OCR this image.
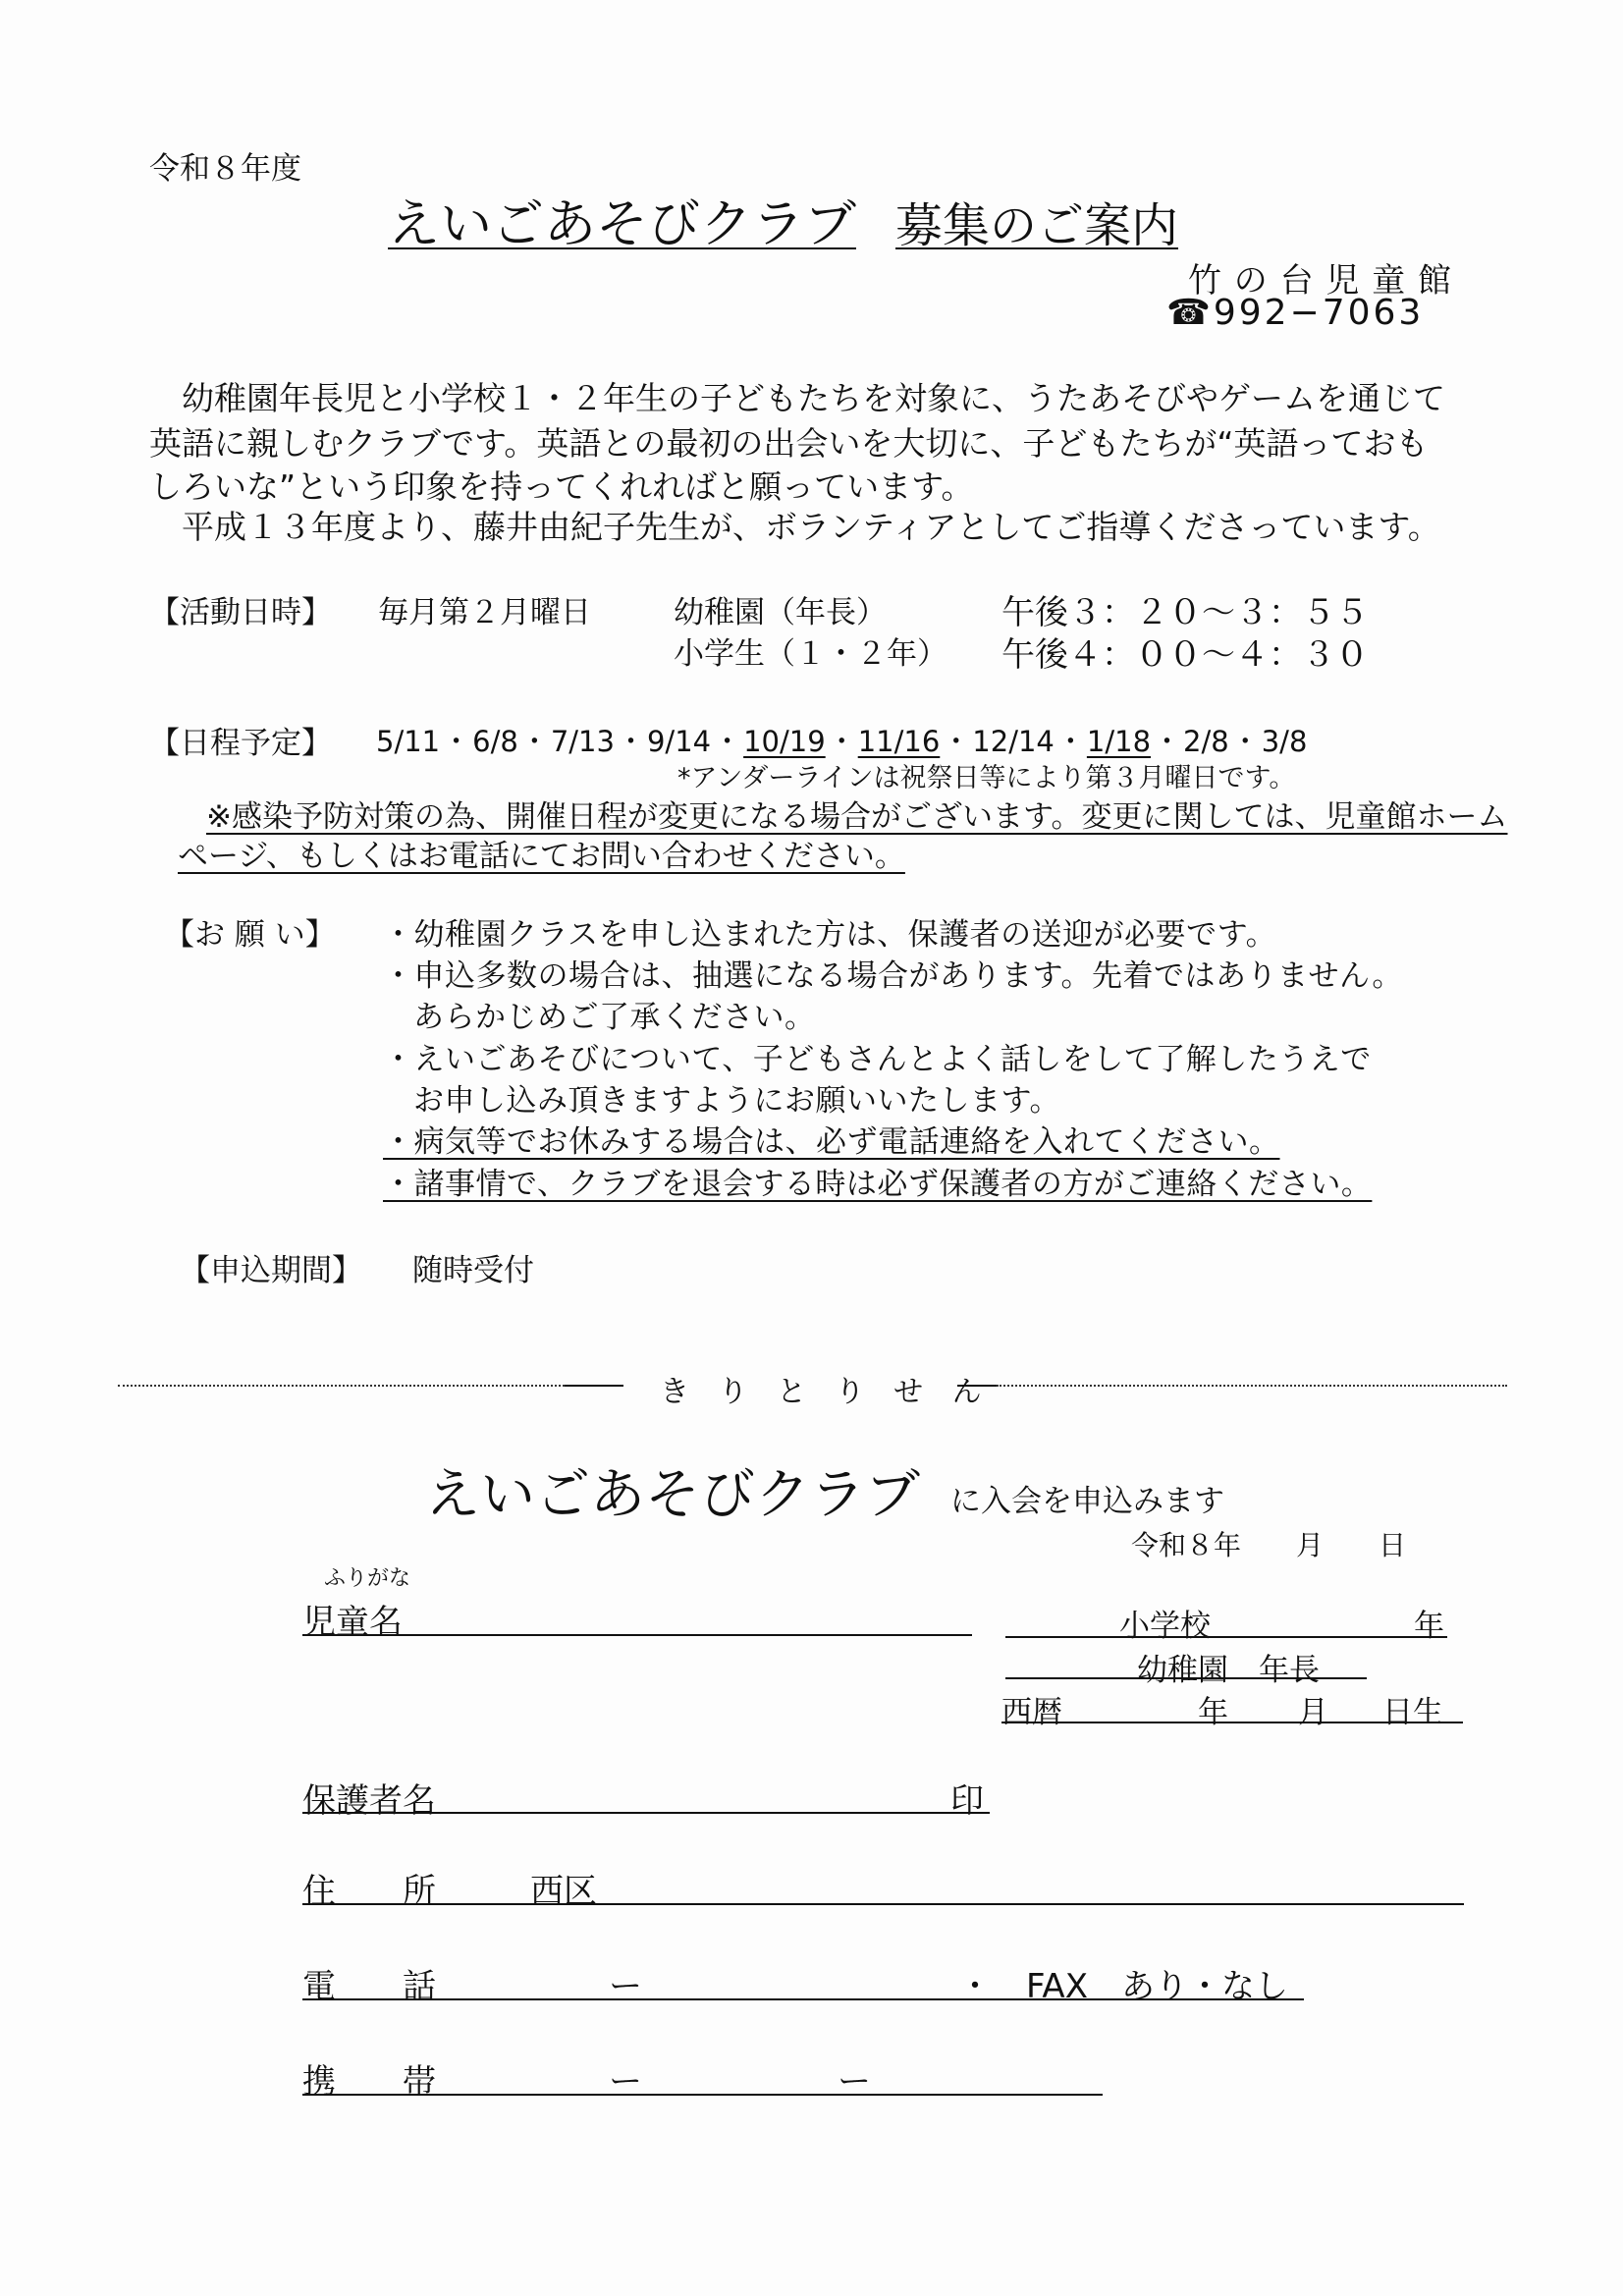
令和８年度
えいごあそびクラブ 募集のご案内
竹 の 台 児 童 館
☎992−7063
幼稚園年長児と小学校１・２年生の子どもたちを対象に、うたあそびやゲームを通じて
英語に親しむクラブです。英語との最初の出会いを大切に、子どもたちが“英語っておも
しろいな”という印象を持ってくれればと願っています。
平成１３年度より、藤井由紀子先生が、ボランティアとしてご指導くださっています。
【活動日時】 毎月第２月曜日	幼稚園（年長）	午後３：２０～３：５５
小学生（１・２年） 午後４：００～４：３０
【日程予定】 5/11・6/8・7/13・9/14・10/19・11/16・12/14・1/18・2/8・3/8
*アンダーラインは祝祭日等により第３月曜日です。
※感染予防対策の為、開催日程が変更になる場合がございます。変更に関しては、児童館ホーム
ページ、もしくはお電話にてお問い合わせください。
【お 願 い】 ・幼稚園クラスを申し込まれた方は、保護者の送迎が必要です。
・申込多数の場合は、抽選になる場合があります。先着ではありません。
あらかじめご了承ください。
・えいごあそびについて、子どもさんとよく話しをして了解したうえで
お申し込み頂きますようにお願いいたします。
・病気等でお休みする場合は、必ず電話連絡を入れてください。
・諸事情で、クラブを退会する時は必ず保護者の方がご連絡ください。
【申込期間】 随時受付
き り と り せ ん
えいごあそびクラブ に入会を申込みます
令和８年　　月　　日
ふりがな
児童名	小学校	年
幼稚園　年長
西暦	年 月 日生
保護者名	印
住　　所	西区
電　　話	ー	・ FAX　あり・なし
携　　帯	ー	ー
